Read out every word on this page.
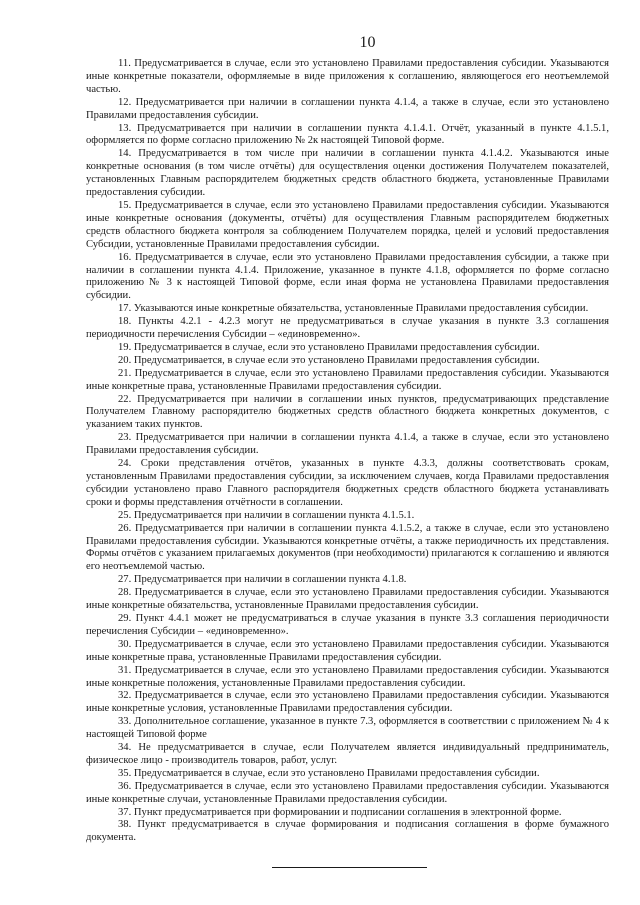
10

11. Предусматривается в случае, если это установлено Правилами предоставления субсидии. Указываются иные конкретные показатели, оформляемые в виде приложения к соглашению, являющегося его неотъемлемой частью.

12. Предусматривается при наличии в соглашении пункта 4.1.4, а также в случае, если это установлено Правилами предоставления субсидии.

13. Предусматривается при наличии в соглашении пункта 4.1.4.1. Отчёт, указанный в пункте 4.1.5.1, оформляется по форме согласно приложению № 2к настоящей Типовой форме.

14. Предусматривается в том числе при наличии в соглашении пункта 4.1.4.2. Указываются иные конкретные основания (в том числе отчёты) для осуществления оценки достижения Получателем показателей, установленных Главным распорядителем бюджетных средств областного бюджета, установленные Правилами предоставления субсидии.

15. Предусматривается в случае, если это установлено Правилами предоставления субсидии. Указываются иные конкретные основания (документы, отчёты) для осуществления Главным распорядителем бюджетных средств областного бюджета контроля за соблюдением Получателем порядка, целей и условий предоставления Субсидии, установленные Правилами предоставления субсидии.

16. Предусматривается в случае, если это установлено Правилами предоставления субсидии, а также при наличии в соглашении пункта 4.1.4. Приложение, указанное в пункте 4.1.8, оформляется по форме согласно приложению № 3 к настоящей Типовой форме, если иная форма не установлена Правилами предоставления субсидии.

17. Указываются иные конкретные обязательства, установленные Правилами предоставления субсидии.

18. Пункты 4.2.1 - 4.2.3 могут не предусматриваться в случае указания в пункте 3.3 соглашения периодичности перечисления Субсидии – «единовременно».

19. Предусматривается в случае, если это установлено Правилами предоставления субсидии.

20. Предусматривается, в случае если это установлено Правилами предоставления субсидии.

21. Предусматривается в случае, если это установлено Правилами предоставления субсидии. Указываются иные конкретные права, установленные Правилами предоставления субсидии.

22. Предусматривается при наличии в соглашении иных пунктов, предусматривающих представление Получателем Главному распорядителю бюджетных средств областного бюджета конкретных документов, с указанием таких пунктов.

23. Предусматривается при наличии в соглашении пункта 4.1.4, а также в случае, если это установлено Правилами предоставления субсидии.

24. Сроки представления отчётов, указанных в пункте 4.3.3, должны соответствовать срокам, установленным Правилами предоставления субсидии, за исключением случаев, когда Правилами предоставления субсидии установлено право Главного распорядителя бюджетных средств областного бюджета устанавливать сроки и формы представления отчётности в соглашении.

25. Предусматривается при наличии в соглашении пункта 4.1.5.1.

26. Предусматривается при наличии в соглашении пункта 4.1.5.2, а также в случае, если это установлено Правилами предоставления субсидии. Указываются конкретные отчёты, а также периодичность их представления. Формы отчётов с указанием прилагаемых документов (при необходимости) прилагаются к соглашению и являются его неотъемлемой частью.

27. Предусматривается при наличии в соглашении пункта 4.1.8.

28. Предусматривается в случае, если это установлено Правилами предоставления субсидии. Указываются иные конкретные обязательства, установленные Правилами предоставления субсидии.

29. Пункт 4.4.1 может не предусматриваться в случае указания в пункте 3.3 соглашения периодичности перечисления Субсидии – «единовременно».

30. Предусматривается в случае, если это установлено Правилами предоставления субсидии. Указываются иные конкретные права, установленные Правилами предоставления субсидии.

31. Предусматривается в случае, если это установлено Правилами предоставления субсидии. Указываются иные конкретные положения, установленные Правилами предоставления субсидии.

32. Предусматривается в случае, если это установлено Правилами предоставления субсидии. Указываются иные конкретные условия, установленные Правилами предоставления субсидии.

33. Дополнительное соглашение, указанное в пункте 7.3, оформляется в соответствии с приложением № 4 к настоящей Типовой форме

34. Не предусматривается в случае, если Получателем является индивидуальный предприниматель, физическое лицо - производитель товаров, работ, услуг.

35. Предусматривается в случае, если это установлено Правилами предоставления субсидии.

36. Предусматривается в случае, если это установлено Правилами предоставления субсидии. Указываются иные конкретные случаи, установленные Правилами предоставления субсидии.

37. Пункт предусматривается при формировании и подписании соглашения в электронной форме.

38. Пункт предусматривается в случае формирования и подписания соглашения в форме бумажного документа.
